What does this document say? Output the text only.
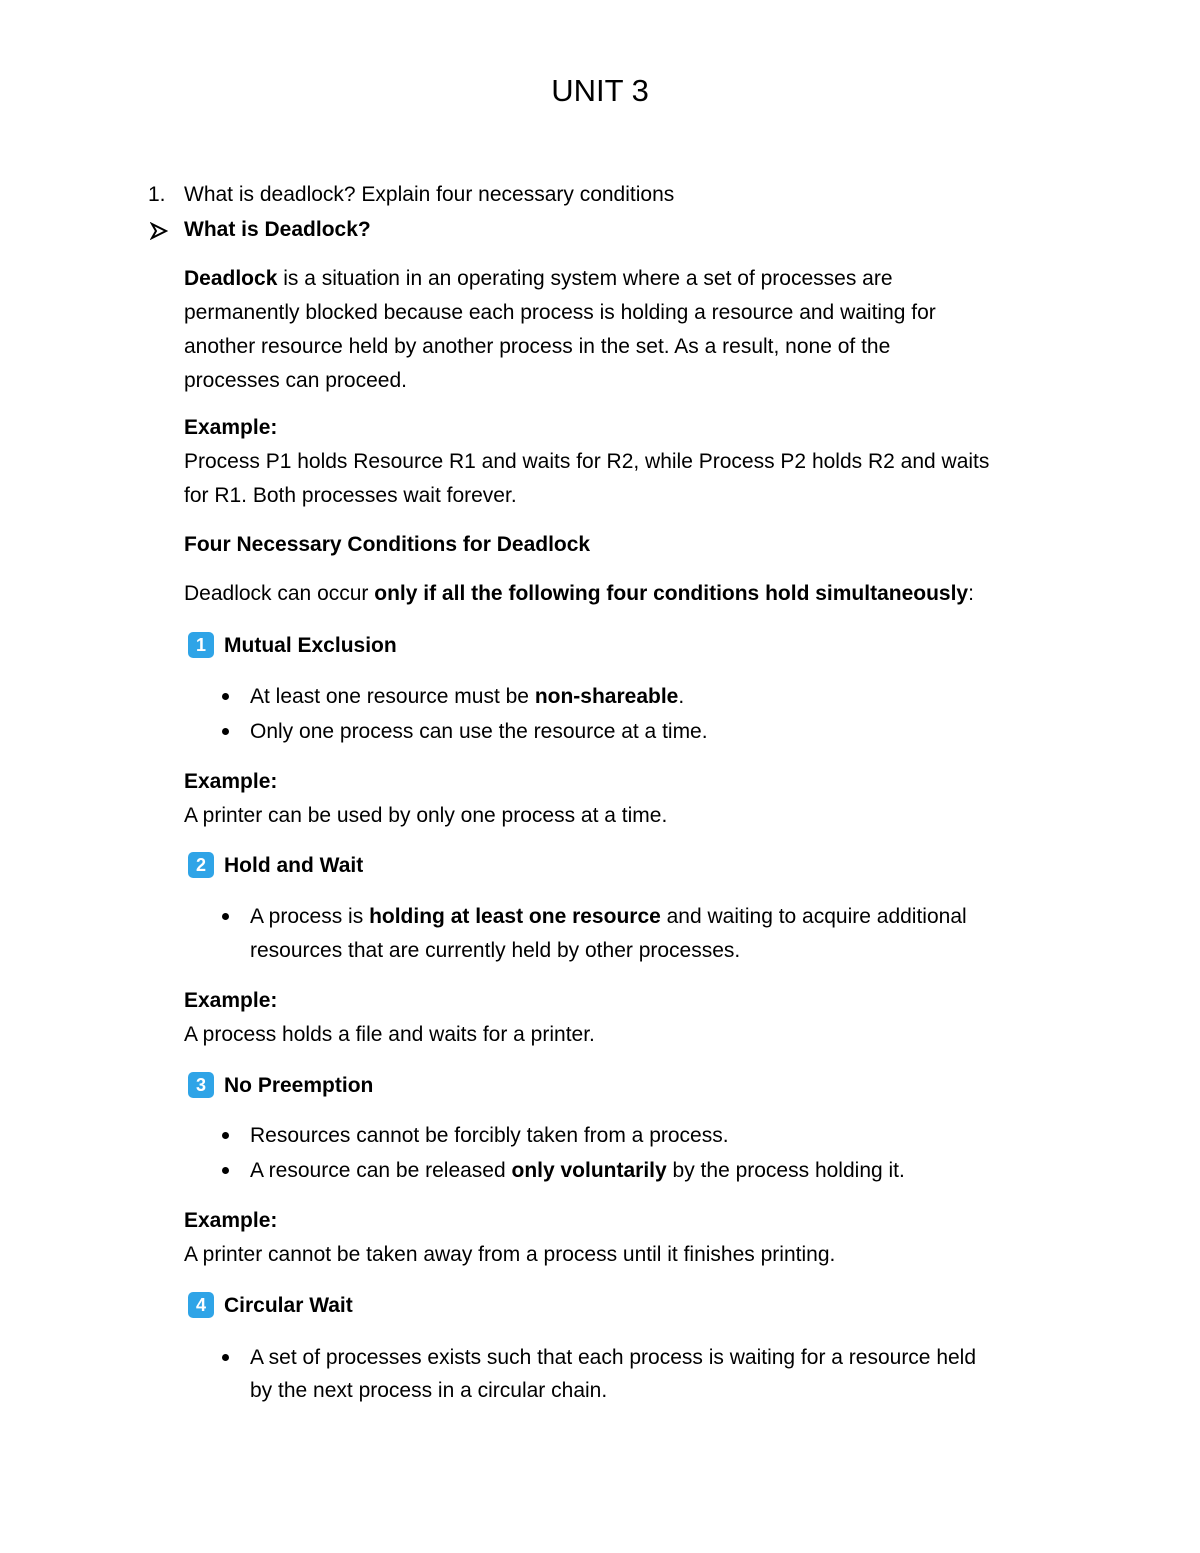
UNIT 3
1. What is deadlock? Explain four necessary conditions
What is Deadlock?
Deadlock is a situation in an operating system where a set of processes are
permanently blocked because each process is holding a resource and waiting for
another resource held by another process in the set. As a result, none of the
processes can proceed.
Example:
Process P1 holds Resource R1 and waits for R2, while Process P2 holds R2 and waits
for R1. Both processes wait forever.
Four Necessary Conditions for Deadlock
Deadlock can occur only if all the following four conditions hold simultaneously:
1 Mutual Exclusion
At least one resource must be non-shareable.
Only one process can use the resource at a time.
Example:
A printer can be used by only one process at a time.
2 Hold and Wait
A process is holding at least one resource and waiting to acquire additional
resources that are currently held by other processes.
Example:
A process holds a file and waits for a printer.
3 No Preemption
Resources cannot be forcibly taken from a process.
A resource can be released only voluntarily by the process holding it.
Example:
A printer cannot be taken away from a process until it finishes printing.
4 Circular Wait
A set of processes exists such that each process is waiting for a resource held
by the next process in a circular chain.
